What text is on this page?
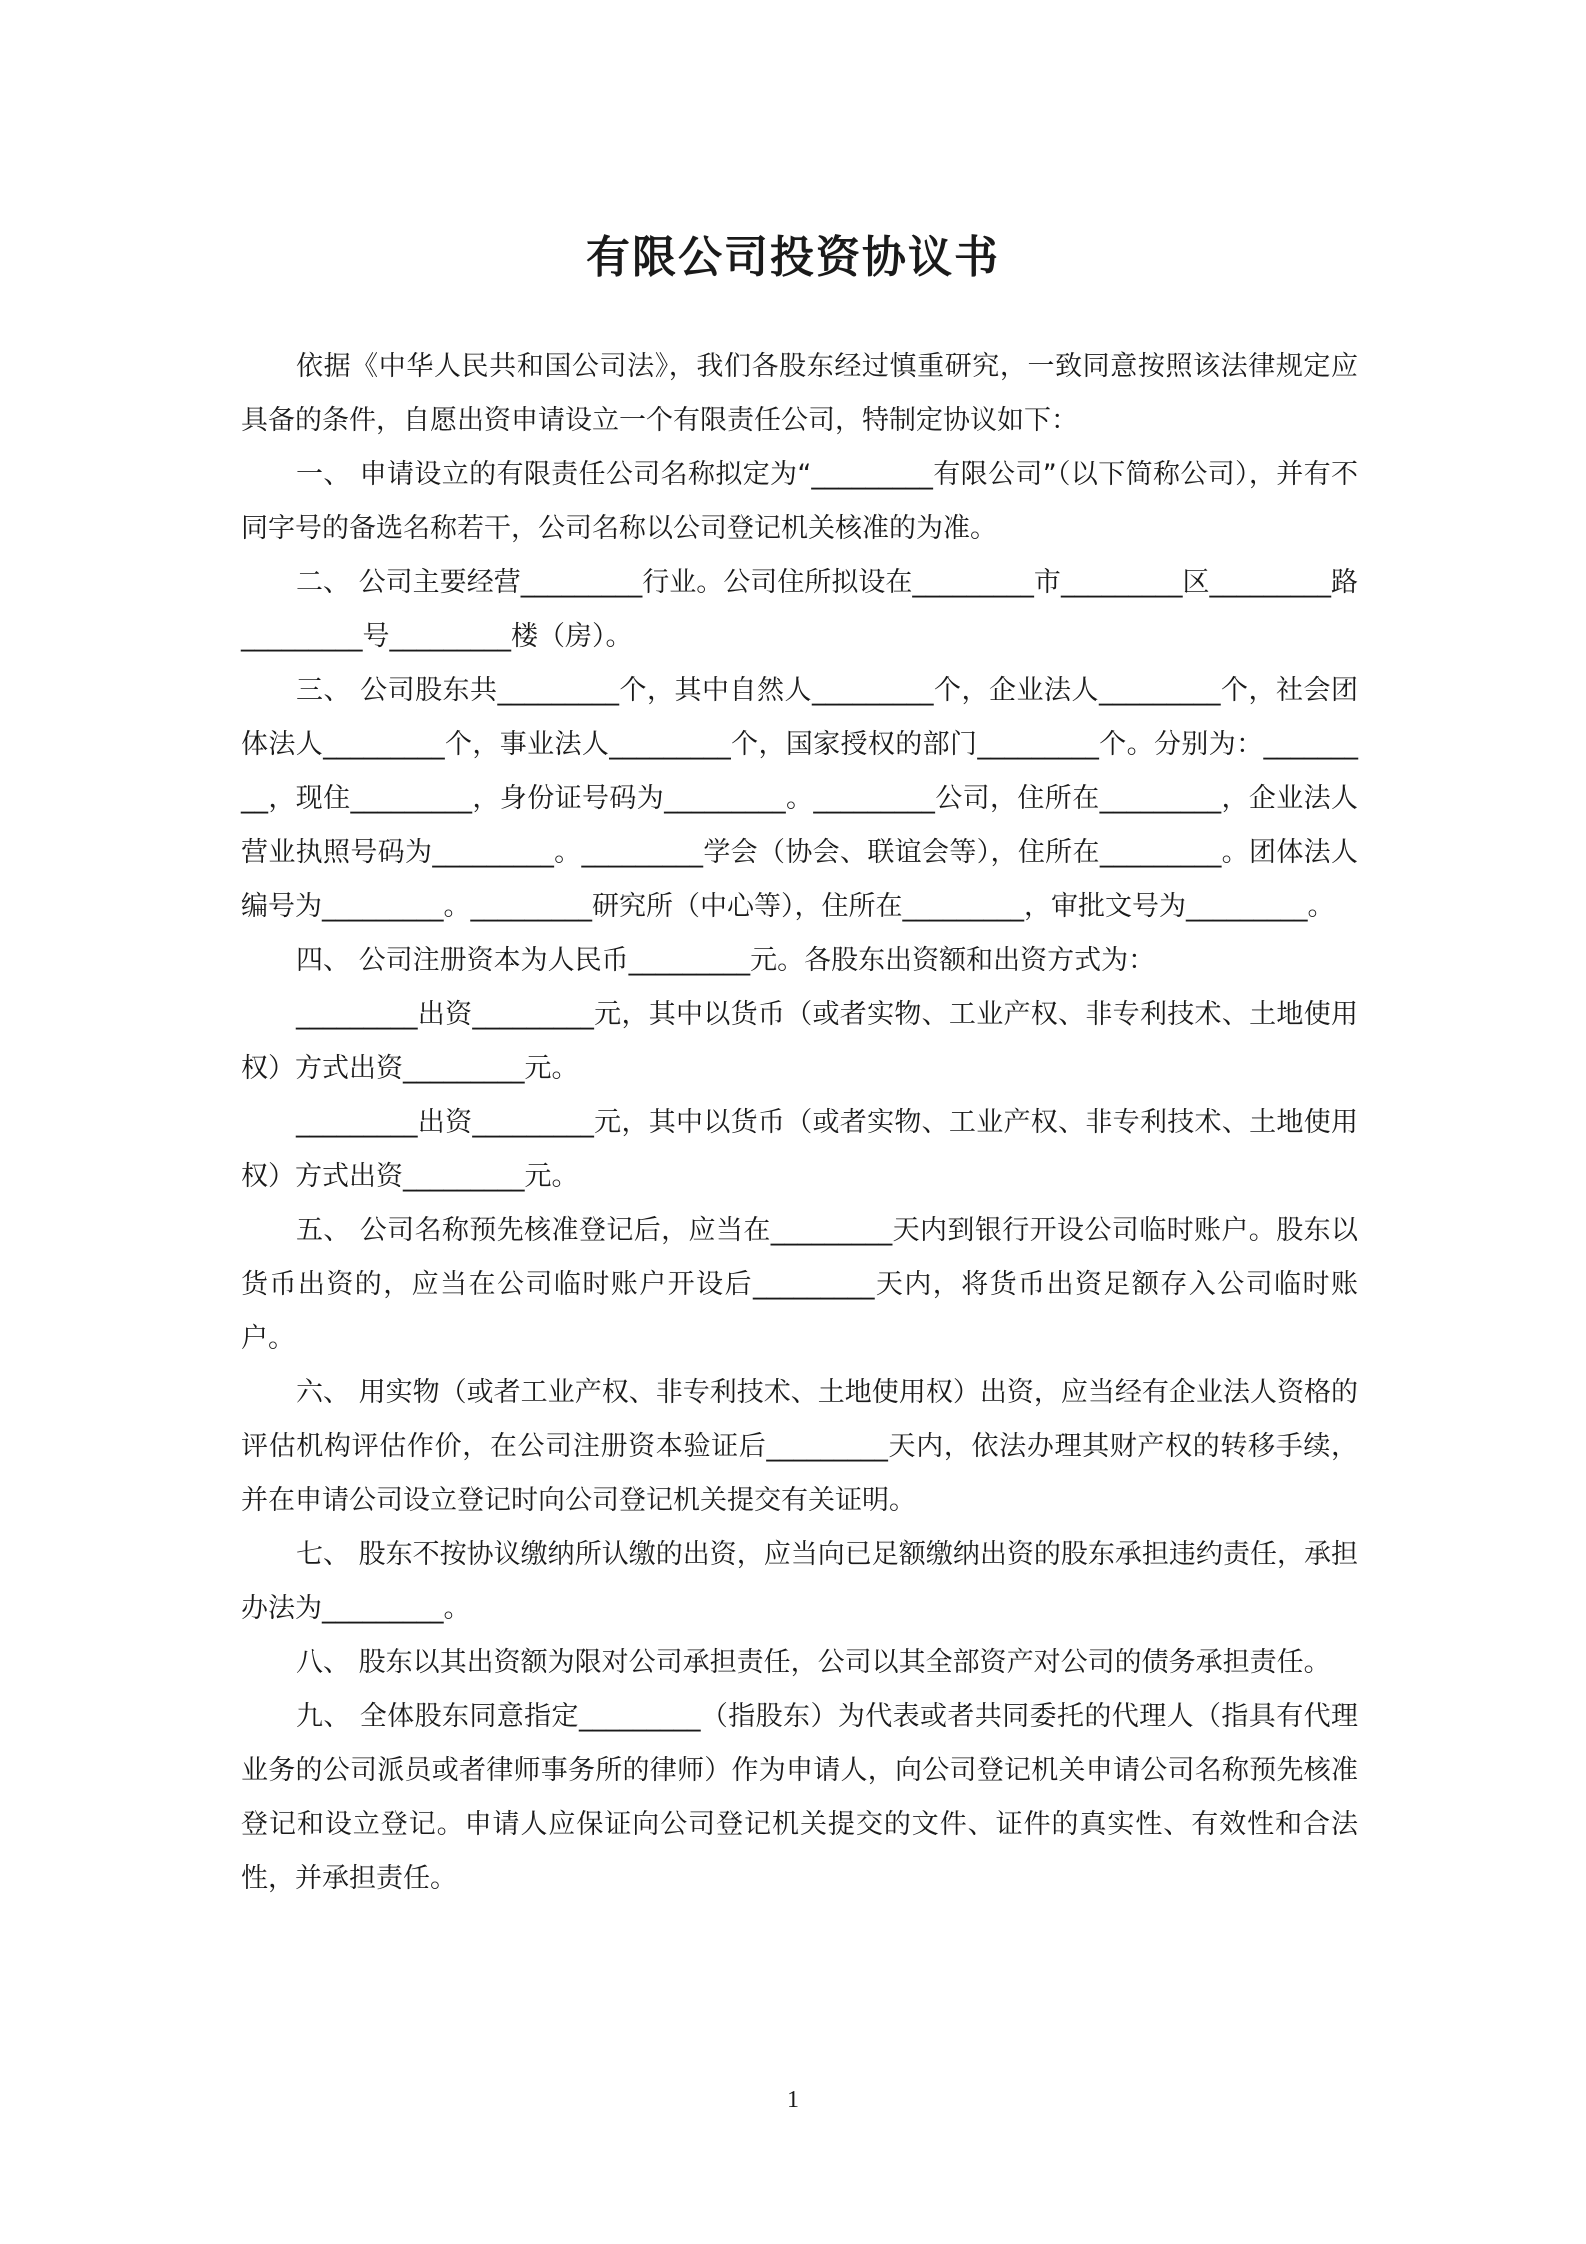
有限公司投资协议书

依据《中华人民共和国公司法》，我们各股东经过慎重研究，一致同意按照该法律规定应具备的条件，自愿出资申请设立一个有限责任公司，特制定协议如下：

一、 申请设立的有限责任公司名称拟定为“_________有限公司”（以下简称公司），并有不同字号的备选名称若干，公司名称以公司登记机关核准的为准。

二、 公司主要经营_________行业。公司住所拟设在_________市_________区_________路_________号_________楼（房）。

三、 公司股东共_________个，其中自然人_________个，企业法人_________个，社会团体法人_________个，事业法人_________个，国家授权的部门_________个。分别为：_________，现住_________，身份证号码为_________。_________公司，住所在_________，企业法人营业执照号码为_________。_________学会（协会、联谊会等），住所在_________。团体法人编号为_________。_________研究所（中心等），住所在_________，审批文号为_________。

四、 公司注册资本为人民币_________元。各股东出资额和出资方式为：

_________出资_________元，其中以货币（或者实物、工业产权、非专利技术、土地使用权）方式出资_________元。

_________出资_________元，其中以货币（或者实物、工业产权、非专利技术、土地使用权）方式出资_________元。

五、 公司名称预先核准登记后，应当在_________天内到银行开设公司临时账户。股东以货币出资的，应当在公司临时账户开设后_________天内，将货币出资足额存入公司临时账户。

六、 用实物（或者工业产权、非专利技术、土地使用权）出资，应当经有企业法人资格的评估机构评估作价，在公司注册资本验证后_________天内，依法办理其财产权的转移手续，并在申请公司设立登记时向公司登记机关提交有关证明。

七、 股东不按协议缴纳所认缴的出资，应当向已足额缴纳出资的股东承担违约责任，承担办法为_________。

八、 股东以其出资额为限对公司承担责任，公司以其全部资产对公司的债务承担责任。

九、 全体股东同意指定_________（指股东）为代表或者共同委托的代理人（指具有代理业务的公司派员或者律师事务所的律师）作为申请人，向公司登记机关申请公司名称预先核准登记和设立登记。申请人应保证向公司登记机关提交的文件、证件的真实性、有效性和合法性，并承担责任。

1
